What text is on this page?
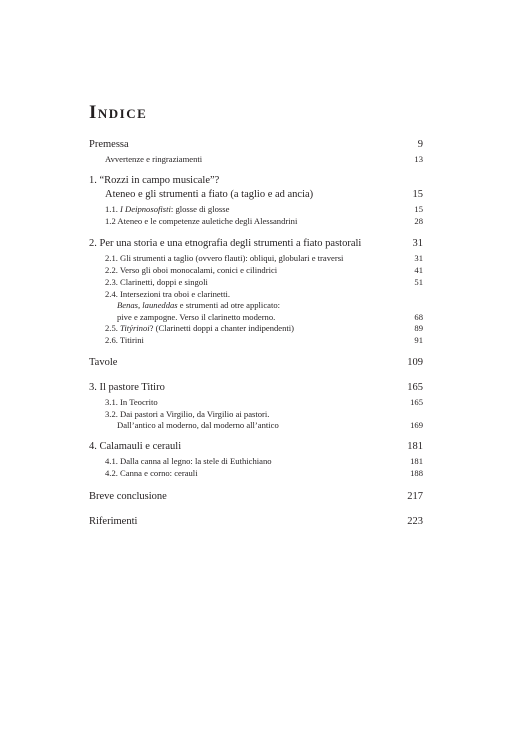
Indice
Premessa	9
Avvertenze e ringraziamenti	13
1. “Rozzi in campo musicale”?
Ateneo e gli strumenti a fiato (a taglio e ad ancia)	15
1.1. I Deipnosofisti: glosse di glosse	15
1.2 Ateneo e le competenze auletiche degli Alessandrini	28
2. Per una storia e una etnografia degli strumenti a fiato pastorali	31
2.1. Gli strumenti a taglio (ovvero flauti): obliqui, globulari e traversi	31
2.2. Verso gli oboi monocalami, conici e cilindrici	41
2.3. Clarinetti, doppi e singoli	51
2.4. Intersezioni tra oboi e clarinetti.
Benas, launeddas e strumenti ad otre applicato:
pive e zampogne. Verso il clarinetto moderno.	68
2.5. Titýrinoi? (Clarinetti doppi a chanter indipendenti)	89
2.6. Titirini	91
Tavole	109
3. Il pastore Titiro	165
3.1. In Teocrito	165
3.2. Dai pastori a Virgilio, da Virgilio ai pastori.
Dall’antico al moderno, dal moderno all’antico	169
4. Calamauli e cerauli	181
4.1. Dalla canna al legno: la stele di Euthichiano	181
4.2. Canna e corno: cerauli	188
Breve conclusione	217
Riferimenti	223
